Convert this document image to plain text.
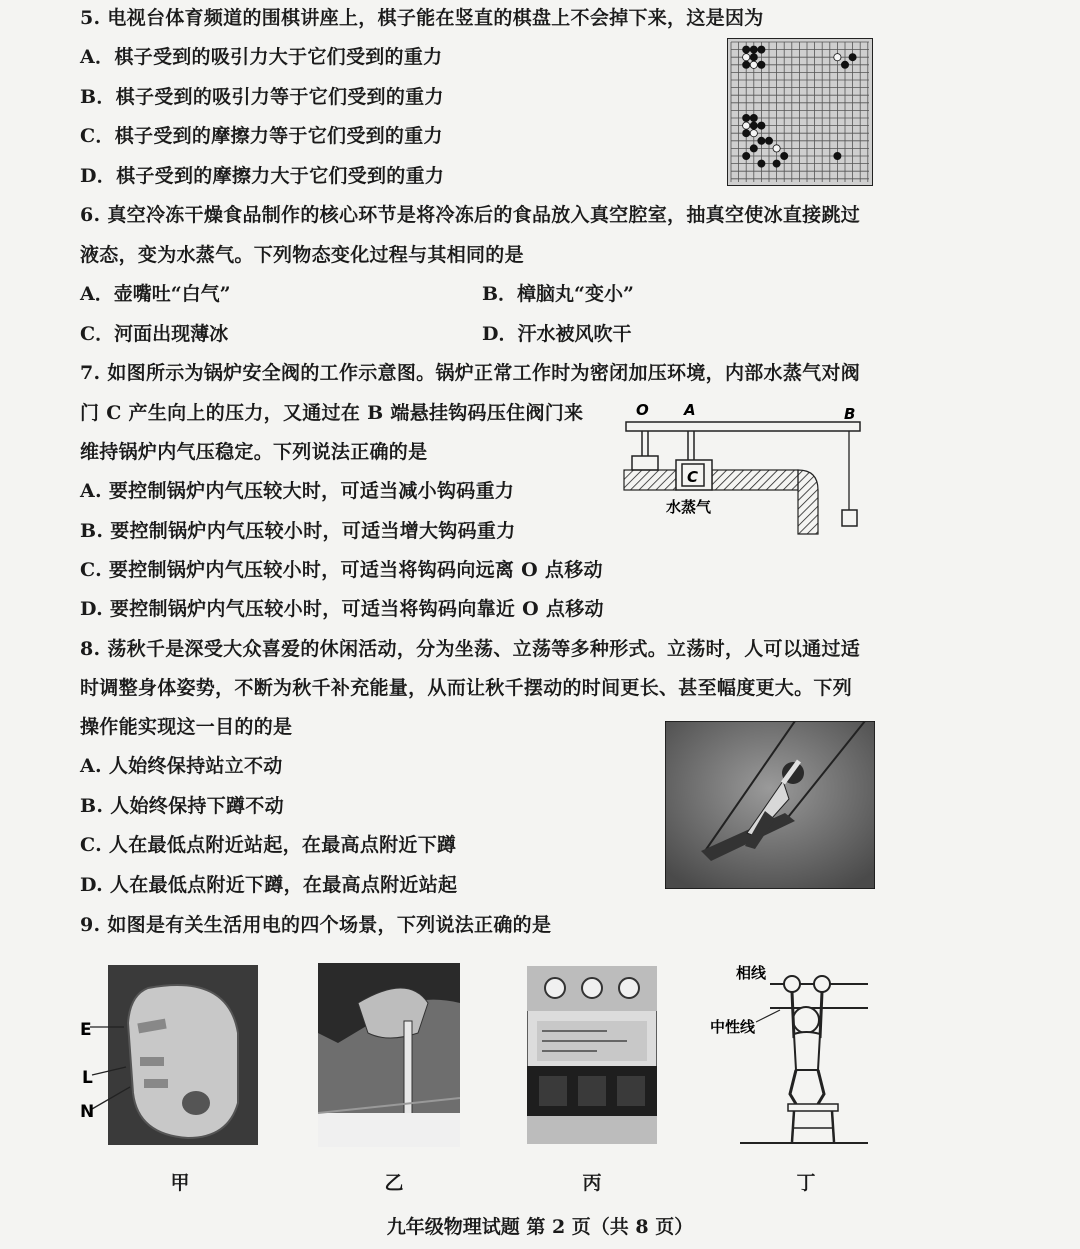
5. 电视台体育频道的围棋讲座上，棋子能在竖直的棋盘上不会掉下来，这是因为
A．棋子受到的吸引力大于它们受到的重力
B．棋子受到的吸引力等于它们受到的重力
C．棋子受到的摩擦力等于它们受到的重力
D．棋子受到的摩擦力大于它们受到的重力
6. 真空冷冻干燥食品制作的核心环节是将冷冻后的食品放入真空腔室，抽真空使冰直接跳过
液态，变为水蒸气。下列物态变化过程与其相同的是
A．壶嘴吐“白气”	B．樟脑丸“变小”
C．河面出现薄冰	D．汗水被风吹干
7. 如图所示为锅炉安全阀的工作示意图。锅炉正常工作时为密闭加压环境，内部水蒸气对阀
门 C 产生向上的压力，又通过在 B 端悬挂钩码压住阀门来
维持锅炉内气压稳定。下列说法正确的是
A. 要控制锅炉内气压较大时，可适当减小钩码重力
B. 要控制锅炉内气压较小时，可适当增大钩码重力
C. 要控制锅炉内气压较小时，可适当将钩码向远离 O 点移动
D. 要控制锅炉内气压较小时，可适当将钩码向靠近 O 点移动
O A	B
C
水蒸气
8. 荡秋千是深受大众喜爱的休闲活动，分为坐荡、立荡等多种形式。立荡时，人可以通过适
时调整身体姿势，不断为秋千补充能量，从而让秋千摆动的时间更长、甚至幅度更大。下列
操作能实现这一目的的是
A. 人始终保持站立不动
B. 人始终保持下蹲不动
C. 人在最低点附近站起，在最高点附近下蹲
D. 人在最低点附近下蹲，在最高点附近站起
9. 如图是有关生活用电的四个场景，下列说法正确的是
E
L
N
相线
中性线
甲	乙	丙	丁
九年级物理试题 第 2 页（共 8 页）
